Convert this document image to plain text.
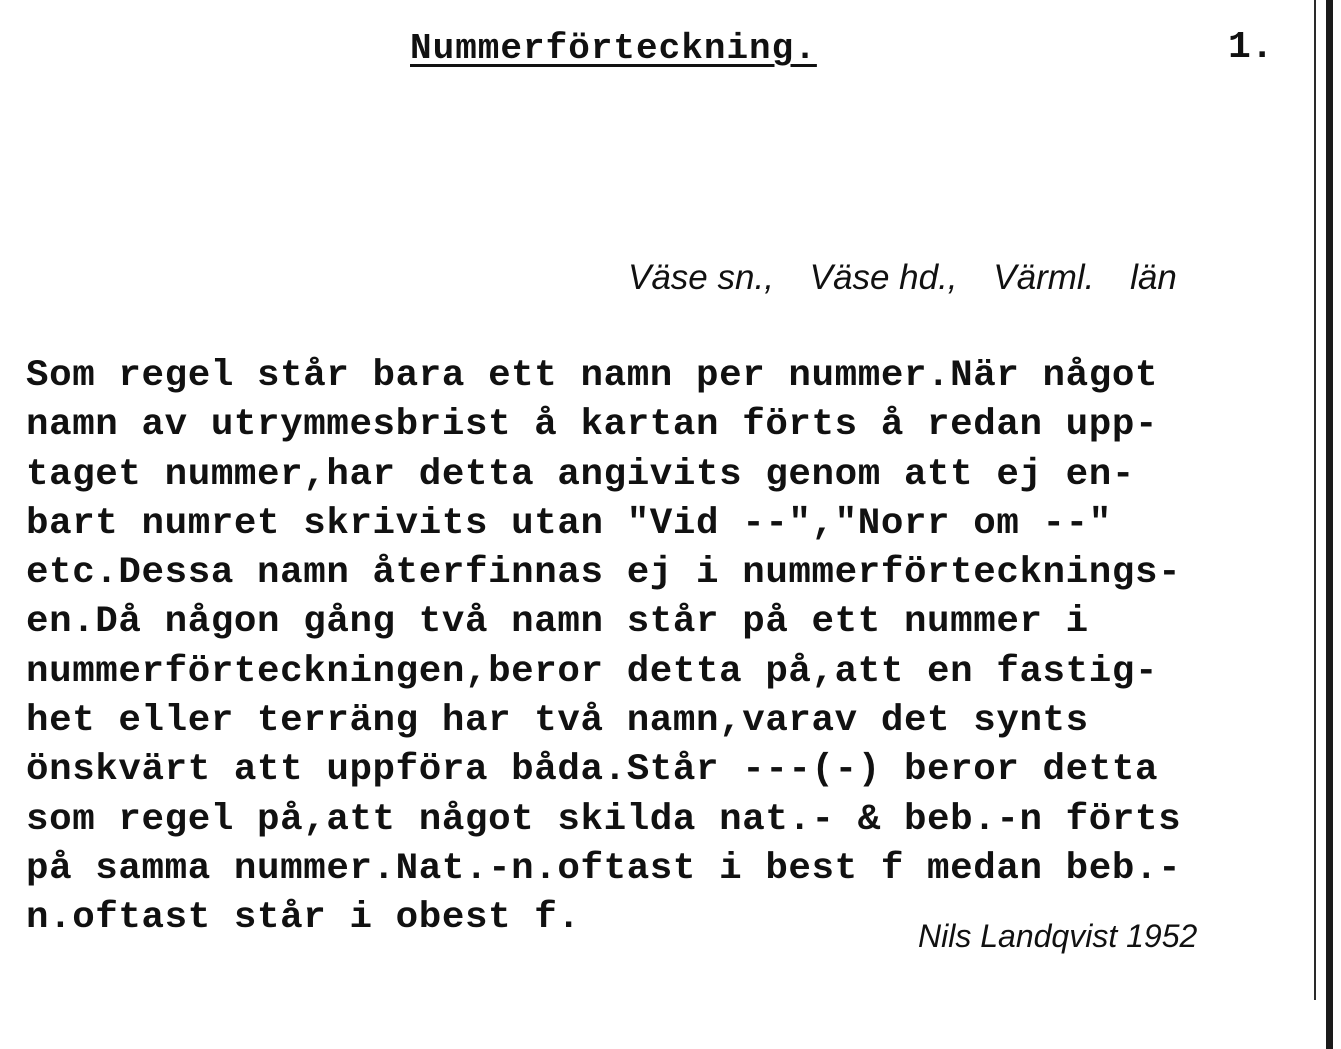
Nummerförteckning.	1.
Väse sn., Väse hd., Värml. län
Som regel står bara ett namn per nummer.När något
namn av utrymmesbrist å kartan förts å redan upp-
taget nummer,har detta angivits genom att ej en-
bart numret skrivits utan "Vid --","Norr om --"
etc.Dessa namn återfinnas ej i nummerförtecknings-
en.Då någon gång två namn står på ett nummer i
nummerförteckningen,beror detta på,att en fastig-
het eller terräng har två namn,varav det synts
önskvärt att uppföra båda.Står ---(-) beror detta
som regel på,att något skilda nat.- & beb.-n förts
på samma nummer.Nat.-n.oftast i best f medan beb.-
n.oftast står i obest f.	Nils Landqvist 1952
